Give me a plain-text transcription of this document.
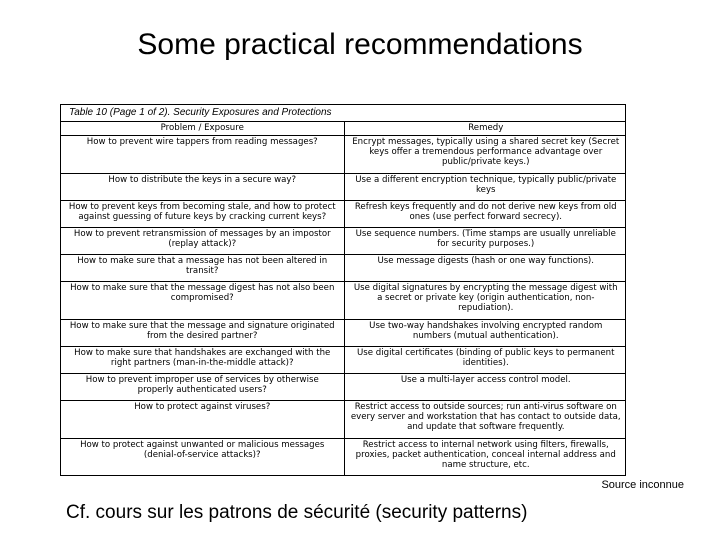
Some practical recommendations
Table 10 (Page 1 of 2). Security Exposures and Protections
Problem / Exposure	Remedy
How to prevent wire tappers from reading messages?	Encrypt messages, typically using a shared secret key (Secret keys offer a tremendous performance advantage over public/private keys.)
How to distribute the keys in a secure way?	Use a different encryption technique, typically public/private keys
How to prevent keys from becoming stale, and how to protect against guessing of future keys by cracking current keys?	Refresh keys frequently and do not derive new keys from old ones (use perfect forward secrecy).
How to prevent retransmission of messages by an impostor (replay attack)?	Use sequence numbers. (Time stamps are usually unreliable for security purposes.)
How to make sure that a message has not been altered in transit?	Use message digests (hash or one way functions).
How to make sure that the message digest has not also been compromised?	Use digital signatures by encrypting the message digest with a secret or private key (origin authentication, non-repudiation).
How to make sure that the message and signature originated from the desired partner?	Use two-way handshakes involving encrypted random numbers (mutual authentication).
How to make sure that handshakes are exchanged with the right partners (man-in-the-middle attack)?	Use digital certificates (binding of public keys to permanent identities).
How to prevent improper use of services by otherwise properly authenticated users?	Use a multi-layer access control model.
How to protect against viruses?	Restrict access to outside sources; run anti-virus software on every server and workstation that has contact to outside data, and update that software frequently.
How to protect against unwanted or malicious messages (denial-of-service attacks)?	Restrict access to internal network using filters, firewalls, proxies, packet authentication, conceal internal address and name structure, etc.
Source inconnue
Cf. cours sur les patrons de sécurité (security patterns)
